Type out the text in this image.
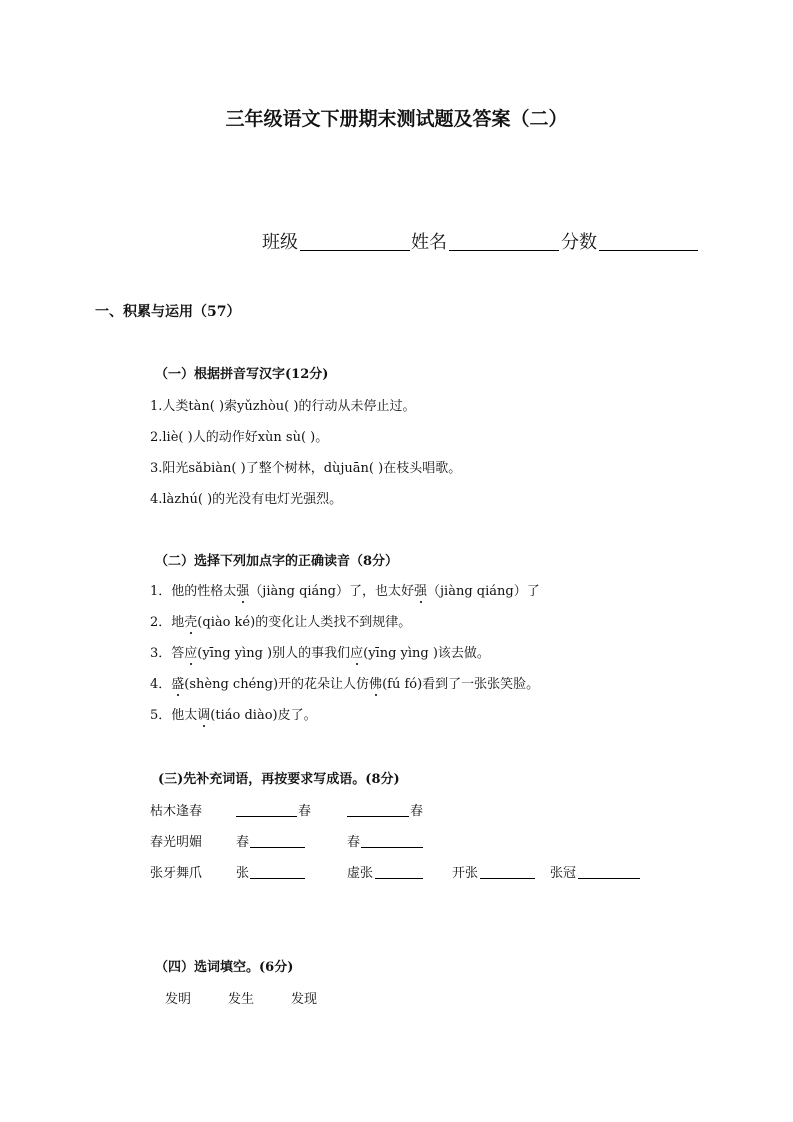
三年级语文下册期末测试题及答案（二）
班级	姓名	分数
一、积累与运用（57）
（一）根据拼音写汉字(12分)
1.人类tàn( )索yǔzhòu( )的行动从未停止过。
2.liè( )人的动作好xùn sù( )。
3.阳光sǎbiàn( )了整个树林，dùjuān( )在枝头唱歌。
4.làzhú( )的光没有电灯光强烈。
（二）选择下列加点字的正确读音（8分）
1．他的性格太强（jiàng qiáng）了，也太好强（jiàng qiáng）了
2．地壳(qiào ké)的变化让人类找不到规律。
3．答应(yīng yìng )别人的事我们应(yīng yìng )该去做。
4．盛(shèng chéng)开的花朵让人仿佛(fú fó)看到了一张张笑脸。
5．他太调(tiáo diào)皮了。
(三)先补充词语，再按要求写成语。(8分)
枯木逢春	春	春
春光明媚	春	春
张牙舞爪	张	虚张	开张	张冠
（四）选词填空。(6分)
发明	发生	发现
